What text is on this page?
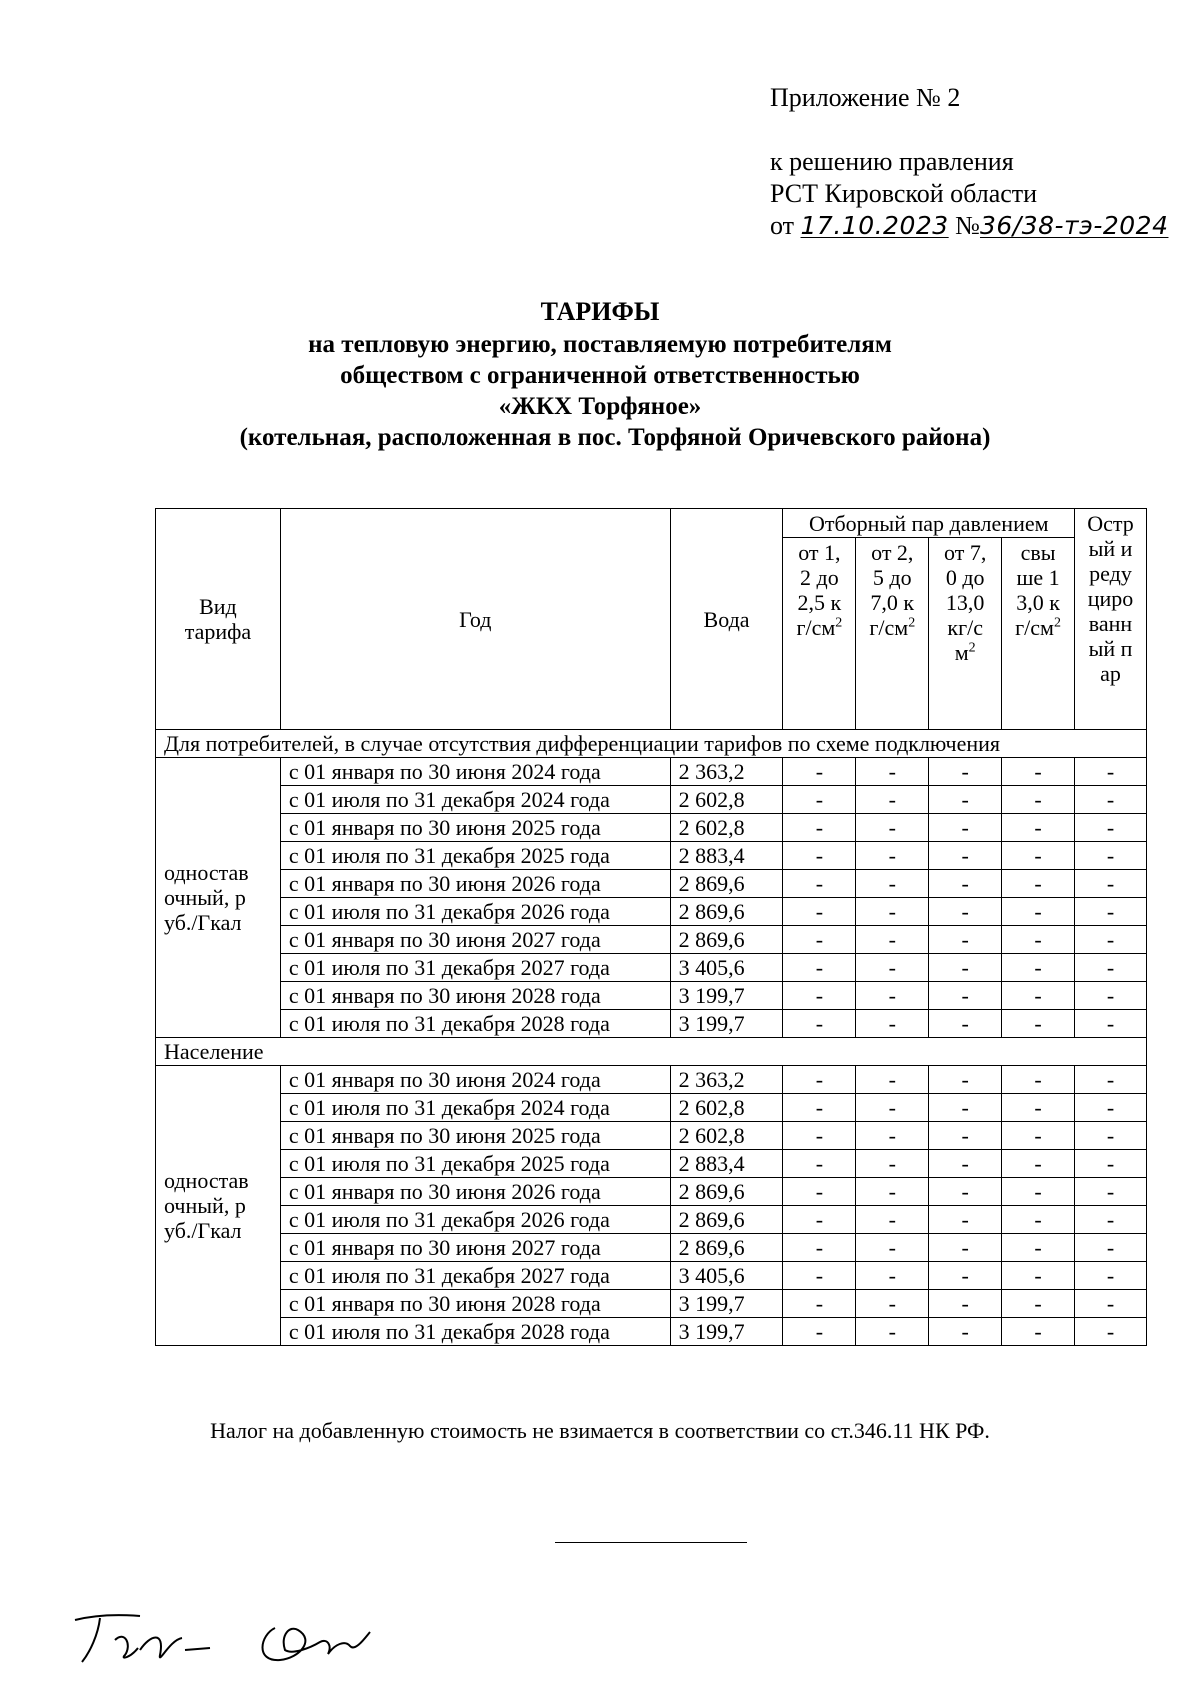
Приложение № 2
к решению правления
РСТ Кировской области
от 17.10.2023 №36/38-тэ-2024
ТАРИФЫ
на тепловую энергию, поставляемую потребителям
обществом с ограниченной ответственностью
«ЖКХ Торфяное»
(котельная, расположенная в пос. Торфяной Оричевского района)
Вид тарифа	Год	Вода	Отборный пар давлением				Острый и редуцированный пар

			от 1,2 до 2,5 $кг/см^2$	от 2,5 до 7,0 $кг/см^2$	от 7,0 до 13,0 $кг/см^2$	свыше 13,0 $кг/см^2$

Для потребителей, в случае отсутствия дифференциации тарифов по схеме подключения							

одноставочный, руб./Гкал	с 01 января по 30 июня 2024 года	2 363,2	-	-	-	-	-
	с 01 июля по 31 декабря 2024 года	2 602,8	-	-	-	-	-
	с 01 января по 30 июня 2025 года	2 602,8	-	-	-	-	-
	с 01 июля по 31 декабря 2025 года	2 883,4	-	-	-	-	-
	с 01 января по 30 июня 2026 года	2 869,6	-	-	-	-	-
	с 01 июля по 31 декабря 2026 года	2 869,6	-	-	-	-	-
	с 01 января по 30 июня 2027 года	2 869,6	-	-	-	-	-
	с 01 июля по 31 декабря 2027 года	3 405,6	-	-	-	-	-
	с 01 января по 30 июня 2028 года	3 199,7	-	-	-	-	-
	с 01 июля по 31 декабря 2028 года	3 199,7	-	-	-	-	-
Население							

одноставочный, руб./Гкал	с 01 января по 30 июня 2024 года	2 363,2	-	-	-	-	-
	с 01 июля по 31 декабря 2024 года	2 602,8	-	-	-	-	-
	с 01 января по 30 июня 2025 года	2 602,8	-	-	-	-	-
	с 01 июля по 31 декабря 2025 года	2 883,4	-	-	-	-	-
	с 01 января по 30 июня 2026 года	2 869,6	-	-	-	-	-
	с 01 июля по 31 декабря 2026 года	2 869,6	-	-	-	-	-
	с 01 января по 30 июня 2027 года	2 869,6	-	-	-	-	-
	с 01 июля по 31 декабря 2027 года	3 405,6	-	-	-	-	-
	с 01 января по 30 июня 2028 года	3 199,7	-	-	-	-	-
	с 01 июля по 31 декабря 2028 года	3 199,7	-	-	-	-	-
Налог на добавленную стоимость не взимается в соответствии со ст.346.11 НК РФ.
